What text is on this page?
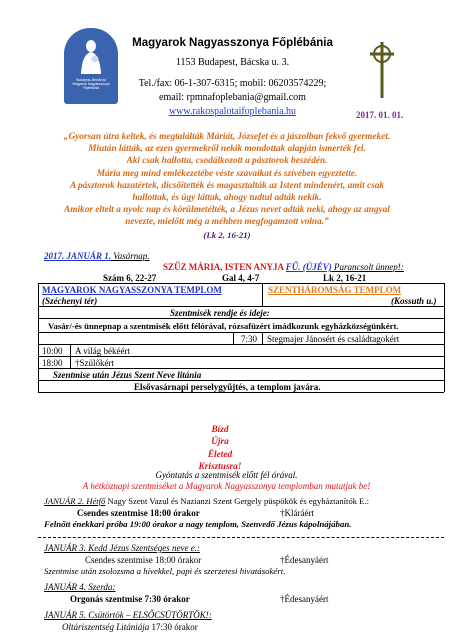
Budapest–Belvárosi
Magyarok Nagyasszonya
Főplébánia
Magyarok Nagyasszonya Főplébánia
1153 Budapest, Bácska u. 3.
Tel./fax: 06-1-307-6315; mobil: 06203574229;
email: rpmnafoplebania@gmail.com
www.rakospalotaifoplebania.hu	2017. 01. 01.
„Gyorsan útra keltek, és megtalálták Máriát, Józsefet és a jászolban fekvő gyermeket.
Miután látták, az ezen gyermekről nekik mondottak alapján ismerték fel.
Aki csak hallotta, csodálkozott a pásztorok beszédén.
Mária meg mind emlékezetébe véste szavaikat és szívében egyeztette.
A pásztorok hazatértek, dicsőítették és magasztalták az Istent mindenért, amit csak
hallottak, és úgy láttak, ahogy tudtul adták nekik.
Amikor eltelt a nyolc nap és körülmetélték, a Jézus nevet adták neki, ahogy az angyal
nevezte, mielőtt még a méhben megfogamzott volna.”
(Lk 2, 16-21)
2017. JANUÁR 1. Vasárnap.
SZŰZ MÁRIA, ISTEN ANYJA FŰ. (ÚJÉV) Parancsolt ünnep!:
Szám 6, 22-27	Gal 4, 4-7	Lk 2, 16-21
MAGYAROK NAGYASSZONYA TEMPLOM
(Széchenyi tér)
SZENTHÁROMSÁG TEMPLOM
(Kossuth u.)
Szentmisék rendje és ideje:
Vasár/-és ünnepnap a szentmisék előtt félórával, rózsafüzért imádkozunk egyházközségünkért.
7:30 Stegmajer Jánosért és családtagokért
10:00 A világ békéért
18:00 †Szülőkért
Szentmise után Jézus Szent Neve litánia
Elsővasárnapi perselygyűjtés, a templom javára.
Bízd
Újra
Életed
Krisztusra!
Gyóntatás a szentmisék előtt fél órával.
A hétköznapi szentmiséket a Magyarok Nagyasszonya templomban mutatjuk be!
JANUÁR 2. Hétfő Nagy Szent Vazul és Nazianzi Szent Gergely püspökök és egyháztanítók E.:
Csendes szentmise 18:00 órakor	†Kláráért
Felnőtt énekkari próba 19:00 órakor a nagy templom, Szenvedő Jézus kápolnájában.
JANUÁR 3. Kedd Jézus Szentséges neve e.:
Csendes szentmise 18:00 órakor	†Édesanyáért
Szentmise után zsolozsma a hívekkel, papi és szerzetesi hivatásokért.
JANUÁR 4. Szerda:
Orgonás szentmise 7:30 órakor	†Édesanyáért
JANUÁR 5. Csütörtök – ELSŐCSÜTÖRTÖK!:
Oltáriszentség Litániája 17:30 órakor
